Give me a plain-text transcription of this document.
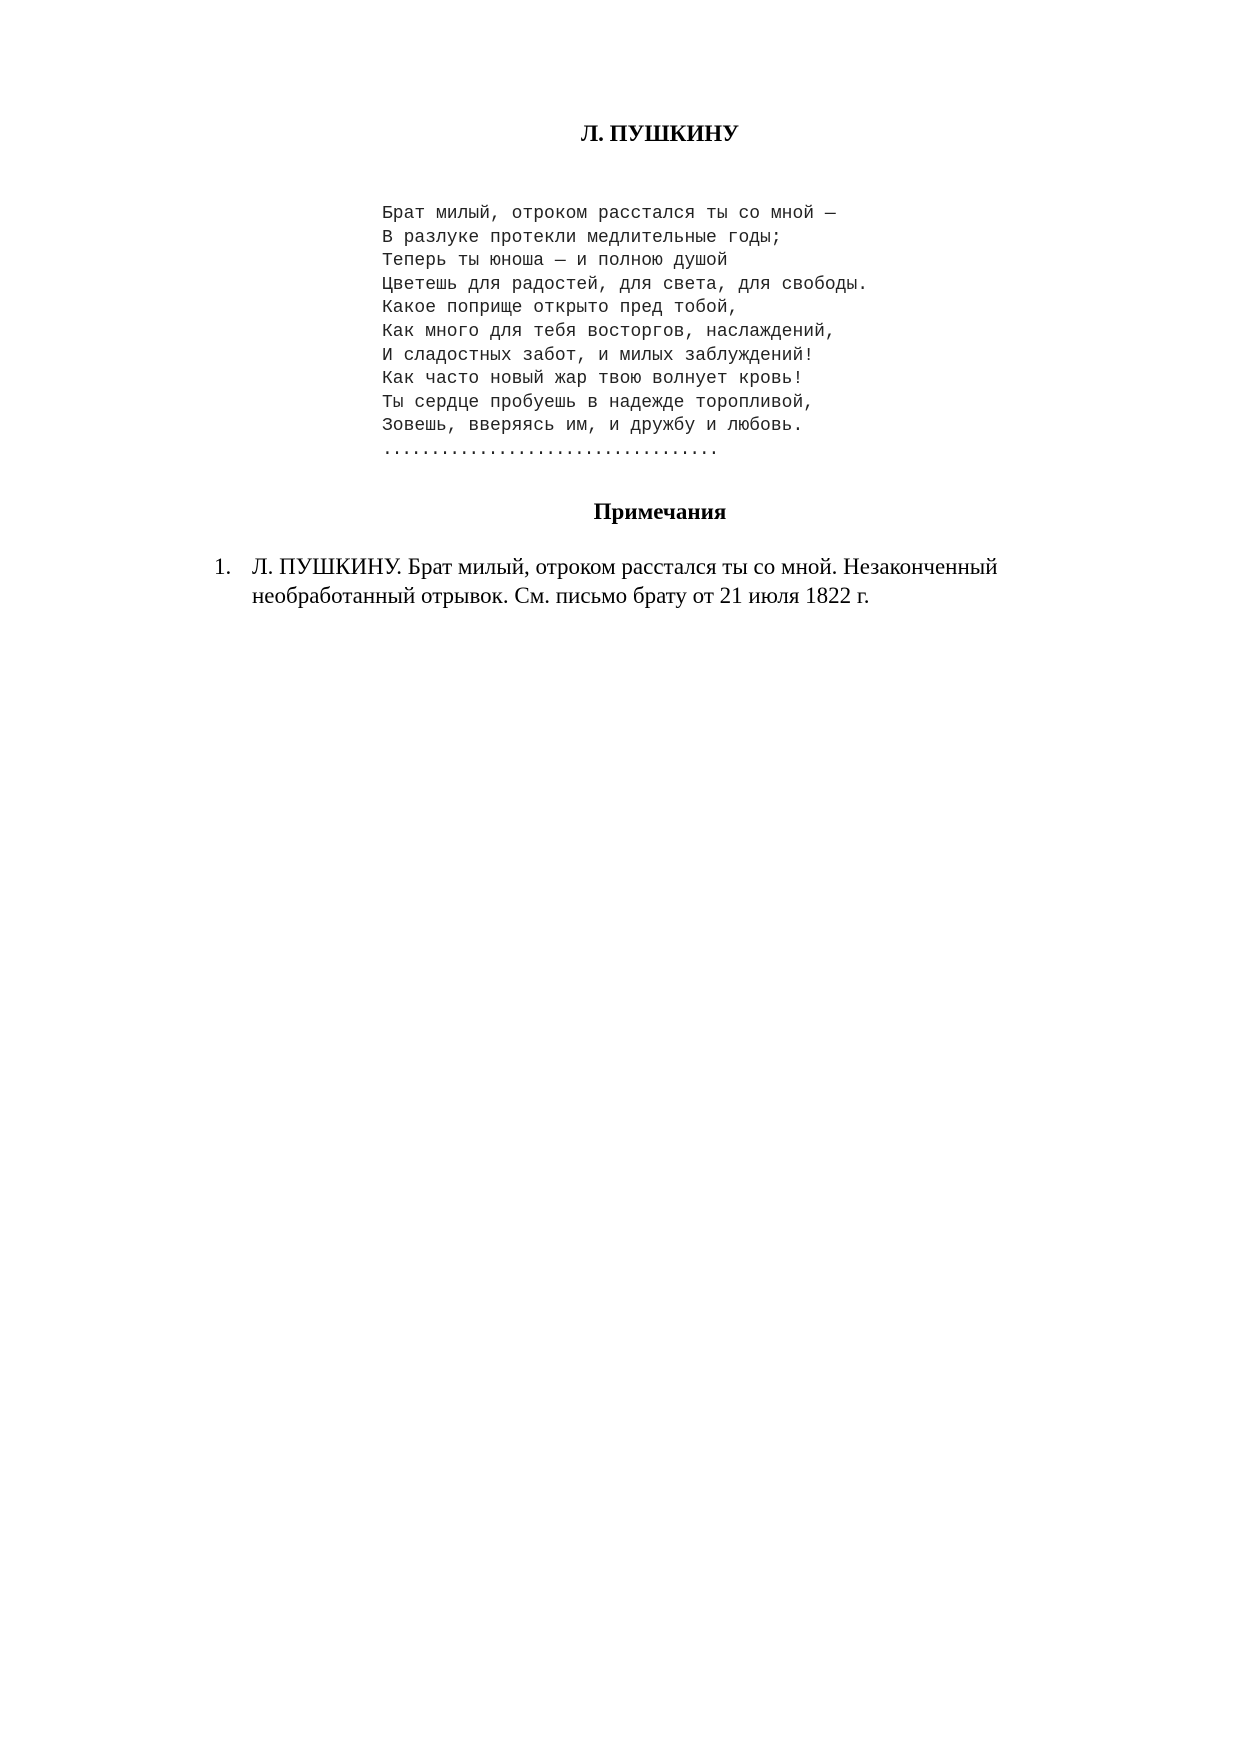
Л. ПУШКИНУ
Брат милый, отроком расстался ты со мной —
В разлуке протекли медлительные годы;
Теперь ты юноша — и полною душой
Цветешь для радостей, для света, для свободы.
Какое поприще открыто пред тобой,
Как много для тебя восторгов, наслаждений,
И сладостных забот, и милых заблуждений!
Как часто новый жар твою волнует кровь!
Ты сердце пробуешь в надежде торопливой,
Зовешь, вверяясь им, и дружбу и любовь.
...................................
Примечания
1. Л. ПУШКИНУ. Брат милый, отроком расстался ты со мной. Незаконченный необработанный отрывок. См. письмо брату от 21 июля 1822 г.
